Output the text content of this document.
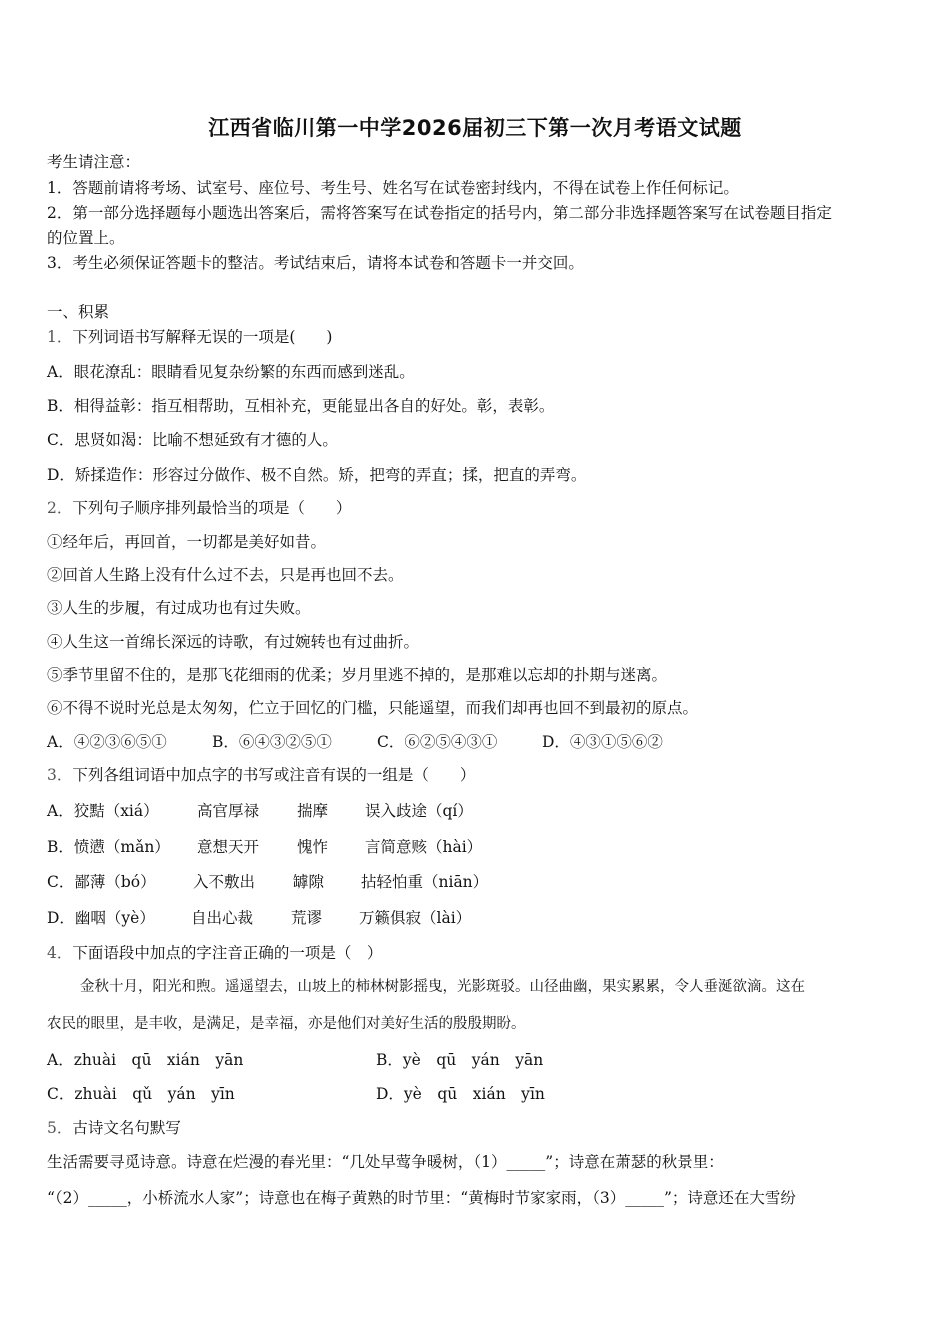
江西省临川第一中学2026届初三下第一次月考语文试题
考生请注意：
1．答题前请将考场、试室号、座位号、考生号、姓名写在试卷密封线内，不得在试卷上作任何标记。
2．第一部分选择题每小题选出答案后，需将答案写在试卷指定的括号内，第二部分非选择题答案写在试卷题目指定
的位置上。
3．考生必须保证答题卡的整洁。考试结束后，请将本试卷和答题卡一并交回。
一、积累
1．下列词语书写解释无误的一项是(　　)
A．眼花潦乱：眼睛看见复杂纷繁的东西而感到迷乱。
B．相得益彰：指互相帮助，互相补充，更能显出各自的好处。彰，表彰。
C．思贤如渴：比喻不想延致有才德的人。
D．矫揉造作：形容过分做作、极不自然。矫，把弯的弄直；揉，把直的弄弯。
2．下列句子顺序排列最恰当的项是（　　）
①经年后，再回首，一切都是美好如昔。
②回首人生路上没有什么过不去，只是再也回不去。
③人生的步履，有过成功也有过失败。
④人生这一首绵长深远的诗歌，有过婉转也有过曲折。
⑤季节里留不住的，是那飞花细雨的优柔；岁月里逃不掉的，是那难以忘却的扑期与迷离。
⑥不得不说时光总是太匆匆，伫立于回忆的门槛，只能遥望，而我们却再也回不到最初的原点。
A．④②③⑥⑤①	B．⑥④③②⑤①	C．⑥②⑤④③①	D．④③①⑤⑥②
3．下列各组词语中加点字的书写或注音有误的一组是（　　）
A．狡黠（xiá） 高官厚禄 揣摩 误入歧途（qí）
B．愤懑（mǎn） 意想天开 愧怍 言简意赅（hài）
C．鄙薄（bó） 入不敷出 罅隙 拈轻怕重（niān）
D．幽咽（yè） 自出心裁 荒谬 万籁俱寂（lài）
4．下面语段中加点的字注音正确的一项是（　）
金秋十月，阳光和煦。遥遥望去，山坡上的柿林树影摇曳，光影斑驳。山径曲幽，果实累累，令人垂涎欲滴。这在
农民的眼里，是丰收，是满足，是幸福，亦是他们对美好生活的殷殷期盼。
A．zhuài　qū　xián　yān	B．yè　qū　yán　yān
C．zhuài　qǔ　yán　yīn	D．yè　qū　xián　yīn
5．古诗文名句默写
生活需要寻觅诗意。诗意在烂漫的春光里：“几处早莺争暖树，（1）_____”；诗意在萧瑟的秋景里：
“（2）_____，小桥流水人家”；诗意也在梅子黄熟的时节里：“黄梅时节家家雨，（3）_____”；诗意还在大雪纷
